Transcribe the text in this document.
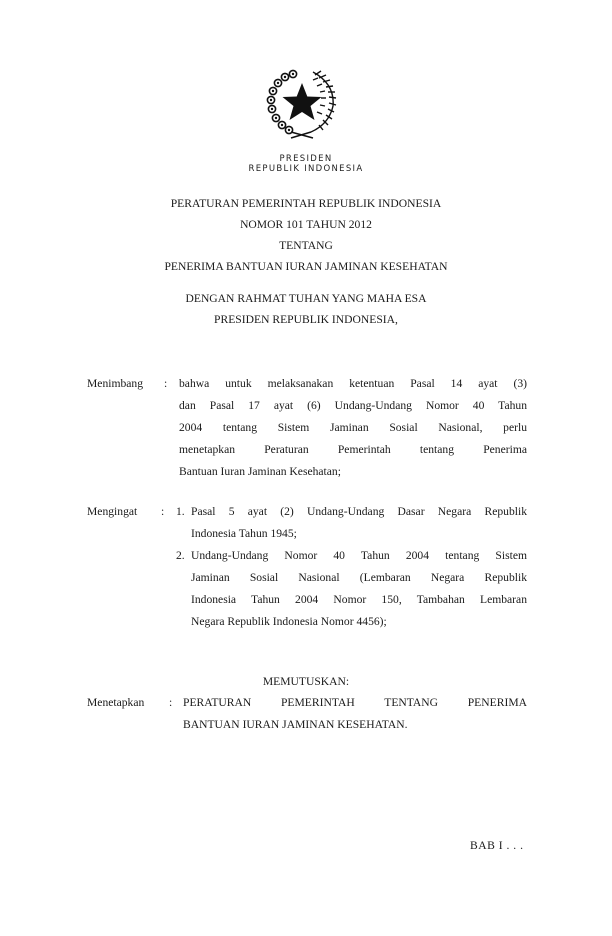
PRESIDEN
REPUBLIK INDONESIA
PERATURAN PEMERINTAH REPUBLIK INDONESIA
NOMOR 101 TAHUN 2012
TENTANG
PENERIMA BANTUAN IURAN JAMINAN KESEHATAN
DENGAN RAHMAT TUHAN YANG MAHA ESA
PRESIDEN REPUBLIK INDONESIA,
Menimbang : bahwa untuk melaksanakan ketentuan Pasal 14 ayat (3)
dan Pasal 17 ayat (6) Undang-Undang Nomor 40 Tahun
2004 tentang Sistem Jaminan Sosial Nasional, perlu
menetapkan Peraturan Pemerintah tentang Penerima
Bantuan Iuran Jaminan Kesehatan;
Mengingat : 1. Pasal 5 ayat (2) Undang-Undang Dasar Negara Republik
Indonesia Tahun 1945;
2. Undang-Undang Nomor 40 Tahun 2004 tentang Sistem
Jaminan Sosial Nasional (Lembaran Negara Republik
Indonesia Tahun 2004 Nomor 150, Tambahan Lembaran
Negara Republik Indonesia Nomor 4456);
MEMUTUSKAN:
Menetapkan : PERATURAN PEMERINTAH TENTANG PENERIMA
BANTUAN IURAN JAMINAN KESEHATAN.
BAB I . . .
